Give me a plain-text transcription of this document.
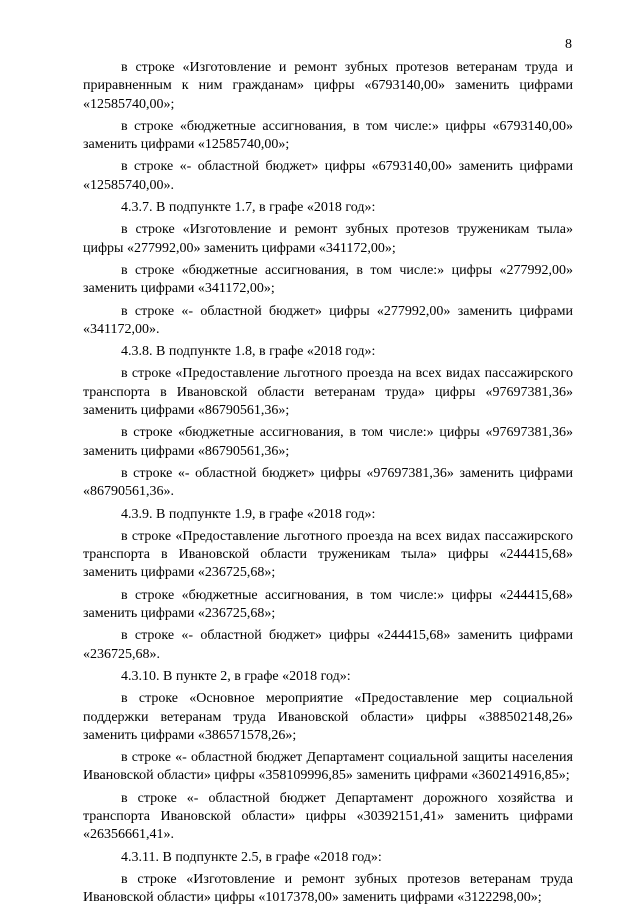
8

в строке «Изготовление и ремонт зубных протезов ветеранам труда и приравненным к ним гражданам» цифры «6793140,00» заменить цифрами «12585740,00»;

в строке «бюджетные ассигнования, в том числе:» цифры «6793140,00» заменить цифрами «12585740,00»;

в строке «- областной бюджет» цифры «6793140,00» заменить цифрами «12585740,00».

4.3.7. В подпункте 1.7, в графе «2018 год»:

в строке «Изготовление и ремонт зубных протезов труженикам тыла» цифры «277992,00» заменить цифрами «341172,00»;

в строке «бюджетные ассигнования, в том числе:» цифры «277992,00» заменить цифрами «341172,00»;

в строке «- областной бюджет» цифры «277992,00» заменить цифрами «341172,00».

4.3.8. В подпункте 1.8, в графе «2018 год»:

в строке «Предоставление льготного проезда на всех видах пассажирского транспорта в Ивановской области ветеранам труда» цифры «97697381,36» заменить цифрами «86790561,36»;

в строке «бюджетные ассигнования, в том числе:» цифры «97697381,36» заменить цифрами «86790561,36»;

в строке «- областной бюджет» цифры «97697381,36» заменить цифрами «86790561,36».

4.3.9. В подпункте 1.9, в графе «2018 год»:

в строке «Предоставление льготного проезда на всех видах пассажирского транспорта в Ивановской области труженикам тыла» цифры «244415,68» заменить цифрами «236725,68»;

в строке «бюджетные ассигнования, в том числе:» цифры «244415,68» заменить цифрами «236725,68»;

в строке «- областной бюджет» цифры «244415,68» заменить цифрами «236725,68».

4.3.10. В пункте 2, в графе «2018 год»:

в строке «Основное мероприятие «Предоставление мер социальной поддержки ветеранам труда Ивановской области» цифры «388502148,26» заменить цифрами «386571578,26»;

в строке «- областной бюджет Департамент социальной защиты населения Ивановской области» цифры «358109996,85» заменить цифрами «360214916,85»;

в строке «- областной бюджет Департамент дорожного хозяйства и транспорта Ивановской области» цифры «30392151,41» заменить цифрами «26356661,41».

4.3.11. В подпункте 2.5, в графе «2018 год»:

в строке «Изготовление и ремонт зубных протезов ветеранам труда Ивановской области» цифры «1017378,00» заменить цифрами «3122298,00»;
